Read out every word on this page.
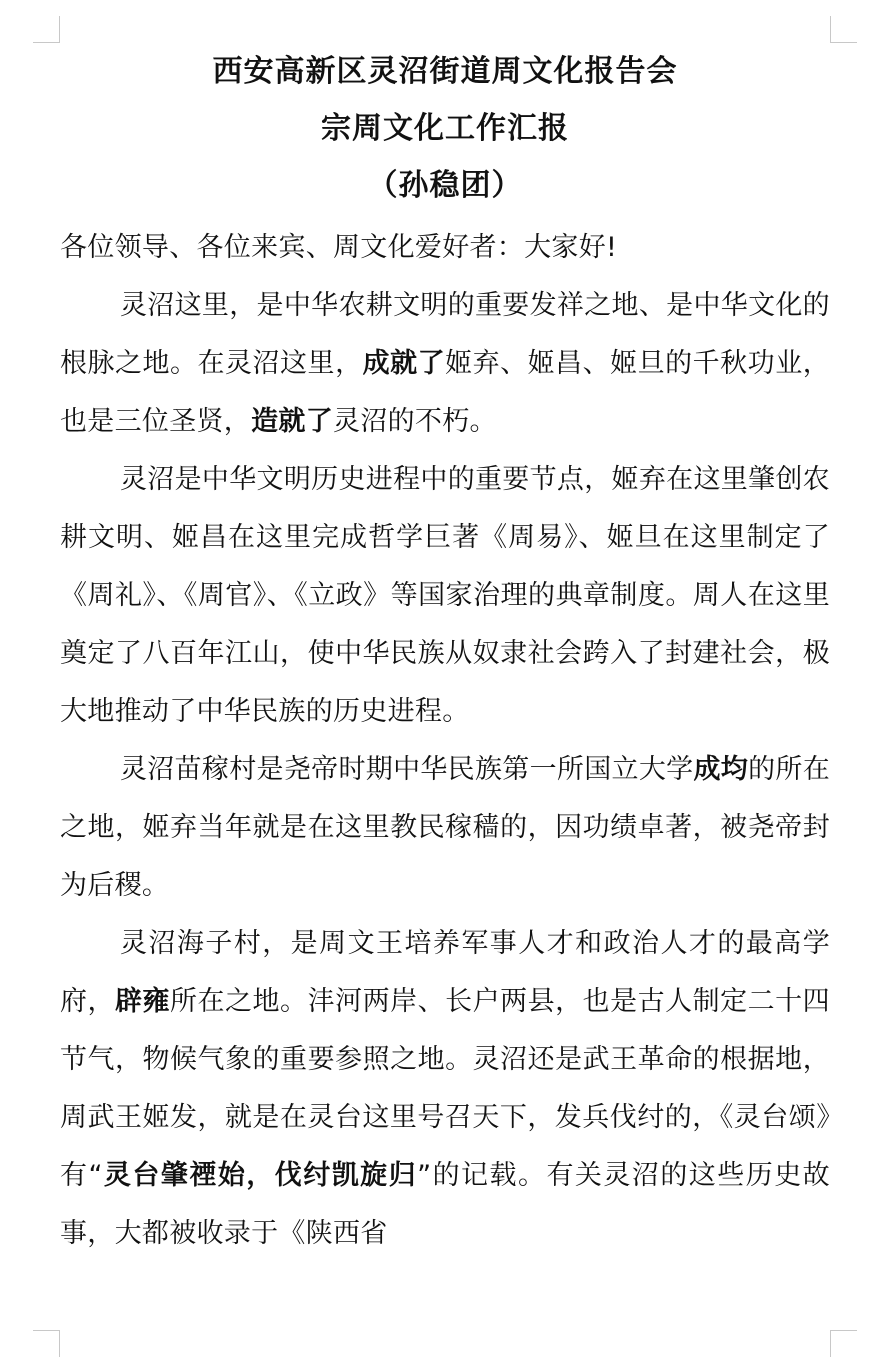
西安高新区灵沼街道周文化报告会
宗周文化工作汇报
（孙稳团）

各位领导、各位来宾、周文化爱好者：大家好!

灵沼这里，是中华农耕文明的重要发祥之地、是中华文化的根脉之地。在灵沼这里，成就了姬弃、姬昌、姬旦的千秋功业，也是三位圣贤，造就了灵沼的不朽。

灵沼是中华文明历史进程中的重要节点，姬弃在这里肇创农耕文明、姬昌在这里完成哲学巨著《周易》、姬旦在这里制定了《周礼》、《周官》、《立政》等国家治理的典章制度。周人在这里奠定了八百年江山，使中华民族从奴隶社会跨入了封建社会，极大地推动了中华民族的历史进程。

灵沼苗稼村是尧帝时期中华民族第一所国立大学成均的所在之地，姬弃当年就是在这里教民稼穑的，因功绩卓著，被尧帝封为后稷。

灵沼海子村，是周文王培养军事人才和政治人才的最高学府，辟雍所在之地。沣河两岸、长户两县，也是古人制定二十四节气，物候气象的重要参照之地。灵沼还是武王革命的根据地，周武王姬发，就是在灵台这里号召天下，发兵伐纣的，《灵台颂》有“灵台肇禋始，伐纣凯旋归”的记载。有关灵沼的这些历史故事，大都被收录于《陕西省
